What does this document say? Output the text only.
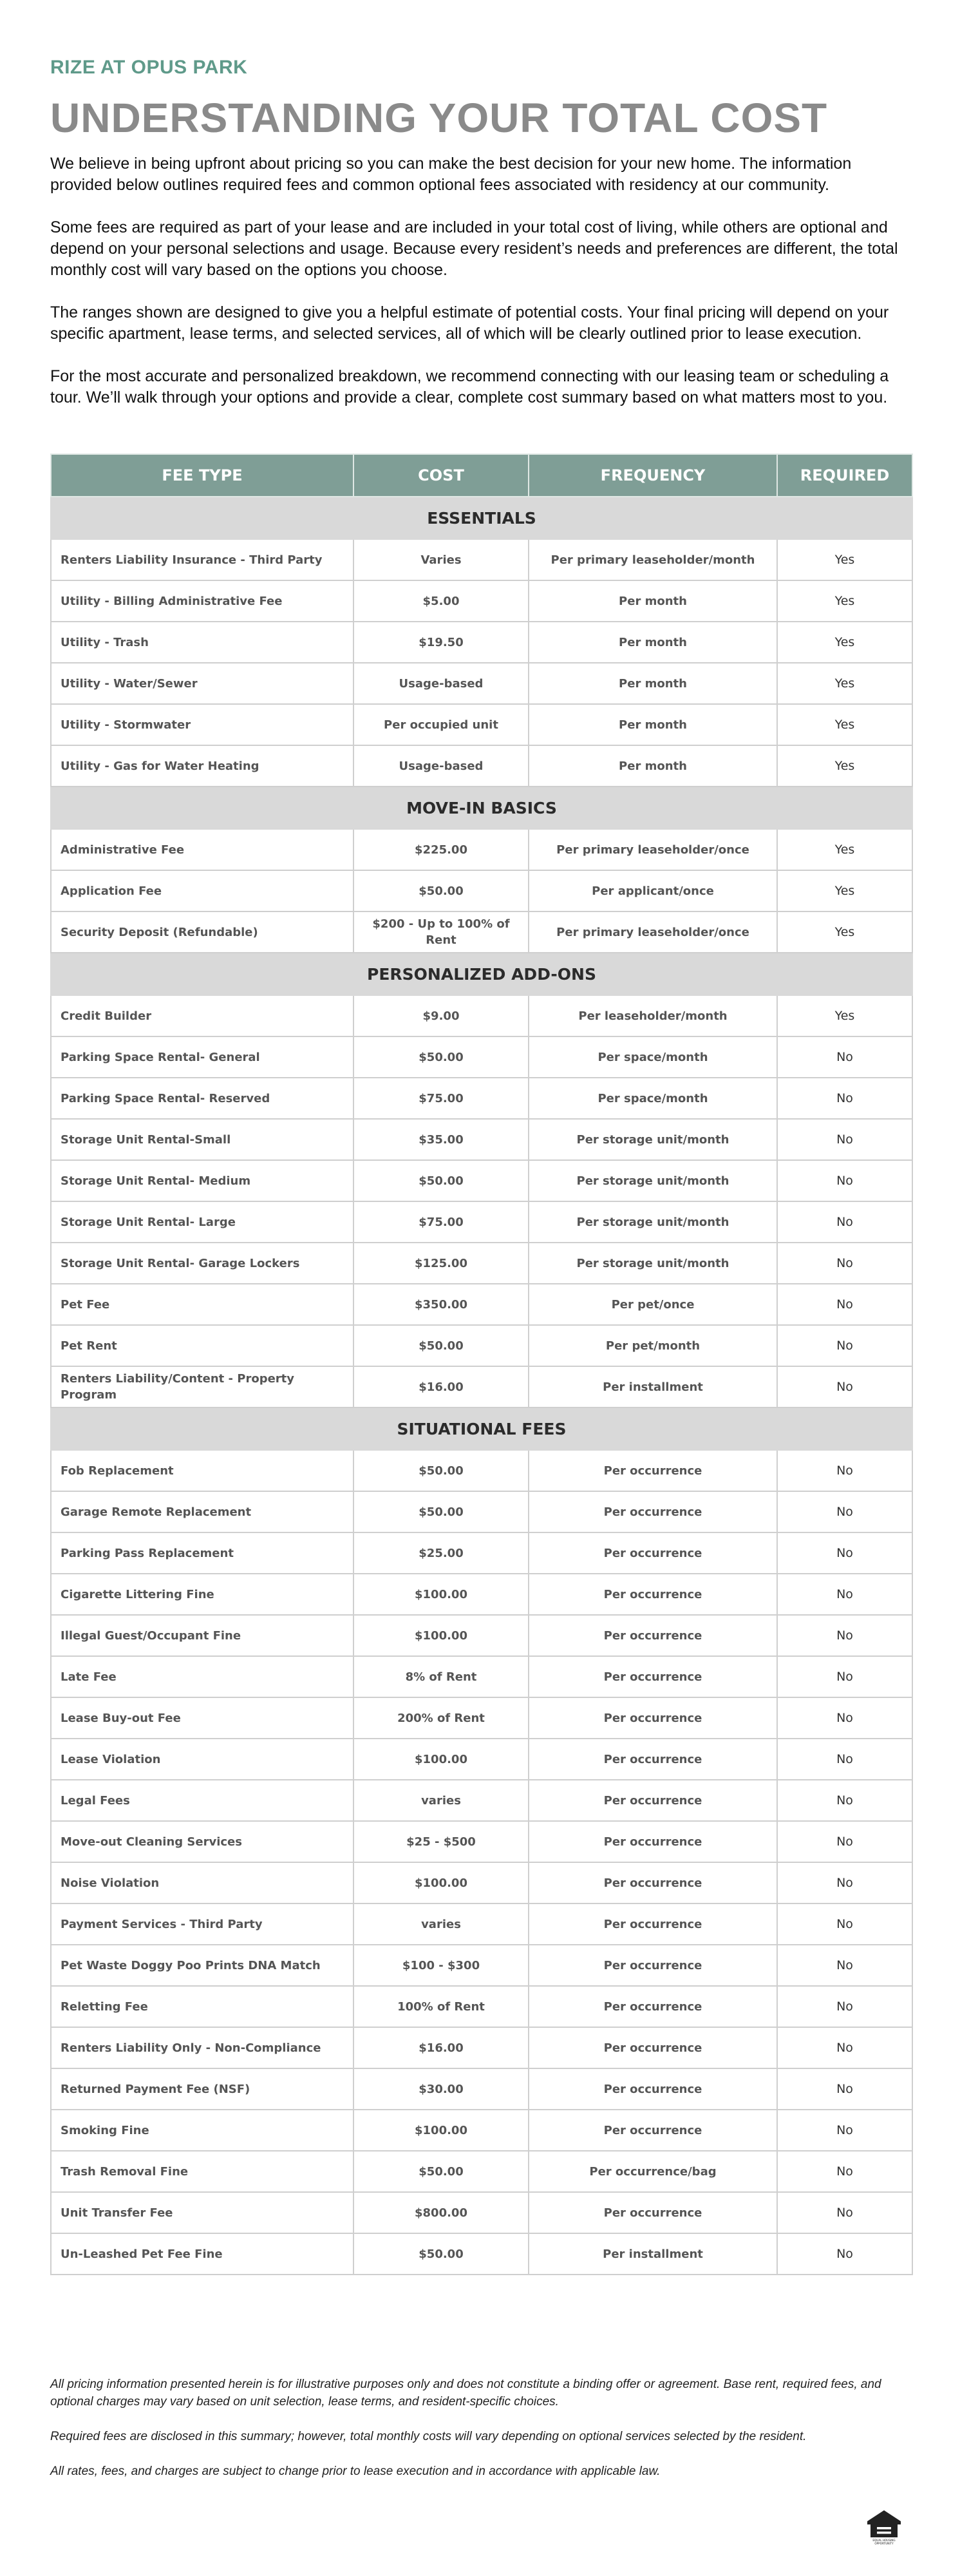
RIZE AT OPUS PARK
UNDERSTANDING YOUR TOTAL COST

We believe in being upfront about pricing so you can make the best decision for your new home. The information provided below outlines required fees and common optional fees associated with residency at our community.

Some fees are required as part of your lease and are included in your total cost of living, while others are optional and depend on your personal selections and usage. Because every resident’s needs and preferences are different, the total monthly cost will vary based on the options you choose.

The ranges shown are designed to give you a helpful estimate of potential costs. Your final pricing will depend on your specific apartment, lease terms, and selected services, all of which will be clearly outlined prior to lease execution.

For the most accurate and personalized breakdown, we recommend connecting with our leasing team or scheduling a tour. We’ll walk through your options and provide a clear, complete cost summary based on what matters most to you.

FEE TYPE	COST	FREQUENCY	REQUIRED
ESSENTIALS			
Renters Liability Insurance - Third Party	Varies	Per primary leaseholder/month	Yes
Utility - Billing Administrative Fee	$5.00	Per month	Yes
Utility - Trash	$19.50	Per month	Yes
Utility - Water/Sewer	Usage-based	Per month	Yes
Utility - Stormwater	Per occupied unit	Per month	Yes
Utility - Gas for Water Heating	Usage-based	Per month	Yes
MOVE-IN BASICS			
Administrative Fee	$225.00	Per primary leaseholder/once	Yes
Application Fee	$50.00	Per applicant/once	Yes
Security Deposit (Refundable)	$200 - Up to 100% of Rent	Per primary leaseholder/once	Yes
PERSONALIZED ADD-ONS			
Credit Builder	$9.00	Per leaseholder/month	Yes
Parking Space Rental- General	$50.00	Per space/month	No
Parking Space Rental- Reserved	$75.00	Per space/month	No
Storage Unit Rental-Small	$35.00	Per storage unit/month	No
Storage Unit Rental- Medium	$50.00	Per storage unit/month	No
Storage Unit Rental- Large	$75.00	Per storage unit/month	No
Storage Unit Rental- Garage Lockers	$125.00	Per storage unit/month	No
Pet Fee	$350.00	Per pet/once	No
Pet Rent	$50.00	Per pet/month	No
Renters Liability/Content - Property Program	$16.00	Per installment	No
SITUATIONAL FEES			
Fob Replacement	$50.00	Per occurrence	No
Garage Remote Replacement	$50.00	Per occurrence	No
Parking Pass Replacement	$25.00	Per occurrence	No
Cigarette Littering Fine	$100.00	Per occurrence	No
Illegal Guest/Occupant Fine	$100.00	Per occurrence	No
Late Fee	8% of Rent	Per occurrence	No
Lease Buy-out Fee	200% of Rent	Per occurrence	No
Lease Violation	$100.00	Per occurrence	No
Legal Fees	varies	Per occurrence	No
Move-out Cleaning Services	$25 - $500	Per occurrence	No
Noise Violation	$100.00	Per occurrence	No
Payment Services - Third Party	varies	Per occurrence	No
Pet Waste Doggy Poo Prints DNA Match	$100 - $300	Per occurrence	No
Reletting Fee	100% of Rent	Per occurrence	No
Renters Liability Only - Non-Compliance	$16.00	Per occurrence	No
Returned Payment Fee (NSF)	$30.00	Per occurrence	No
Smoking Fine	$100.00	Per occurrence	No
Trash Removal Fine	$50.00	Per occurrence/bag	No
Unit Transfer Fee	$800.00	Per occurrence	No
Un-Leashed Pet Fee Fine	$50.00	Per installment	No

All pricing information presented herein is for illustrative purposes only and does not constitute a binding offer or agreement. Base rent, required fees, and optional charges may vary based on unit selection, lease terms, and resident-specific choices.

Required fees are disclosed in this summary; however, total monthly costs will vary depending on optional services selected by the resident.

All rates, fees, and charges are subject to change prior to lease execution and in accordance with applicable law.

EQUAL HOUSING
OPPORTUNITY
